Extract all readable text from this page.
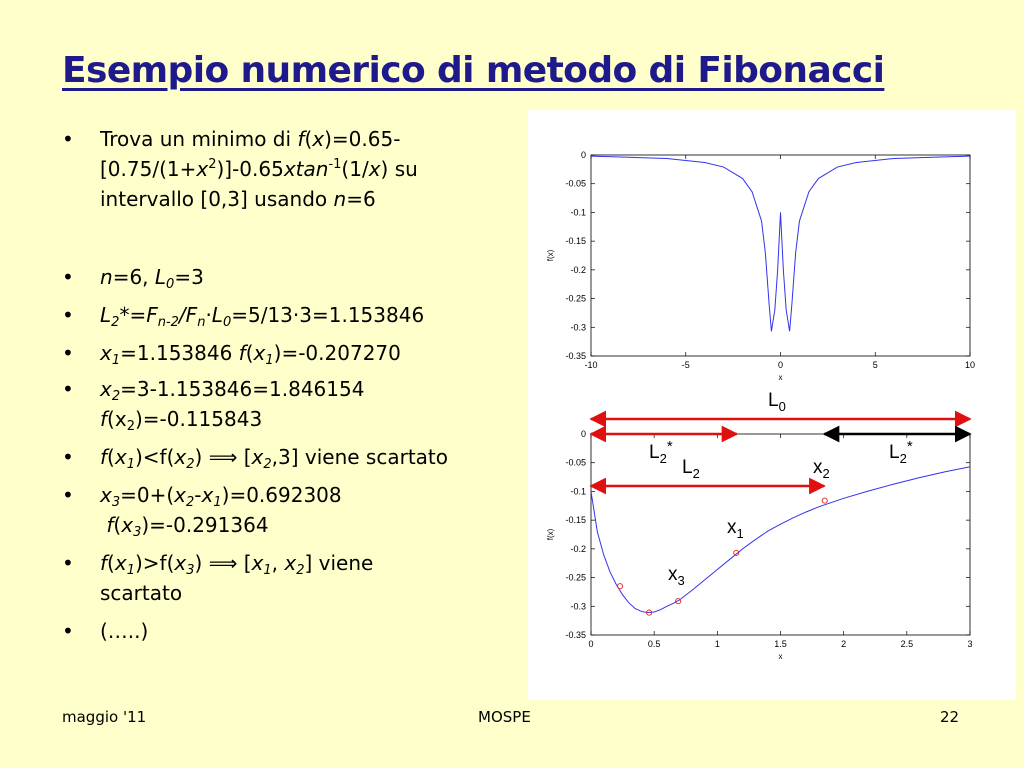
Esempio numerico di metodo di Fibonacci
•	Trova un minimo di f(x)=0.65-
$[0.75/(1+x^2)]-0.65xtan^{-1}(1/x)$ su
intervallo [0,3] usando n=6
•	n=6, $L_0=3$
•	$L_2*=F_{n-2}/F_n\cdot L_0=5/13\cdot 3=1.153846$
•	$x_1=1.153846$ $f(x_1)=-0.207270$
•	$x_2=3-1.153846=1.846154$
$f(x_2)=-0.115843$
•	$f(x_1)<f(x_2)$ ⟹ $[x_2,3]$ viene scartato
•	$x_3=0+(x_2-x_1)=0.692308$
$f(x_3)=-0.291364$
•	$f(x_1)>f(x_3)$ ⟹ [$x_1$, $x_2$] viene
scartato
•	(…..)
0
-0.05
-0.1
-0.15
-0.2
-0.25
-0.3
-0.35
-10	-5	0	5	10
x
f(x)
0
-0.05
-0.1
-0.15
-0.2
-0.25
-0.3
-0.35
0	0.5	1	1.5	2	2.5	3
x
f(x)
$L_0$
$L_2^*$
$L_2$
$L_2^*$
$x_2$
$x_1$
$x_3$
maggio '11	MOSPE	22
